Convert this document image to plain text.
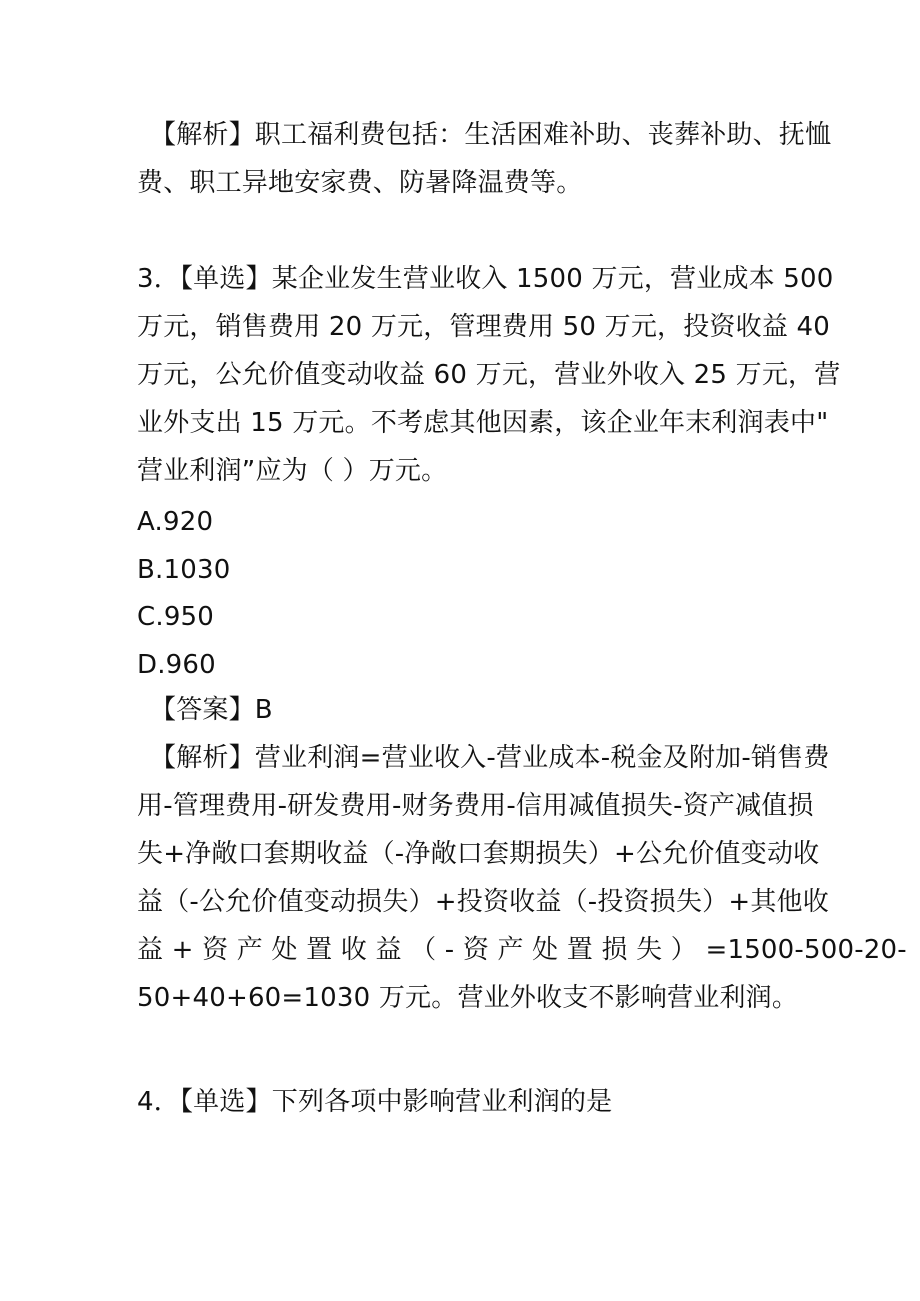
【解析】职工福利费包括：生活困难补助、丧葬补助、抚恤
费、职工异地安家费、防暑降温费等。
3．【单选】某企业发生营业收入 1500 万元，营业成本 500
万元，销售费用 20 万元，管理费用 50 万元，投资收益 40
万元，公允价值变动收益 60 万元，营业外收入 25 万元，营
业外支出 15 万元。不考虑其他因素，该企业年末利润表中"
营业利润”应为（ ）万元。
A.920
B.1030
C.950
D.960
【答案】B
【解析】营业利润=营业收入-营业成本-税金及附加-销售费
用-管理费用-研发费用-财务费用-信用减值损失-资产减值损
失+净敞口套期收益（-净敞口套期损失）+公允价值变动收
益（-公允价值变动损失）+投资收益（-投资损失）+其他收
益 + 资 产 处 置 收 益 （ - 资 产 处 置 损 失 ） =1500-500-20-
50+40+60=1030 万元。营业外收支不影响营业利润。
4．【单选】下列各项中影响营业利润的是
